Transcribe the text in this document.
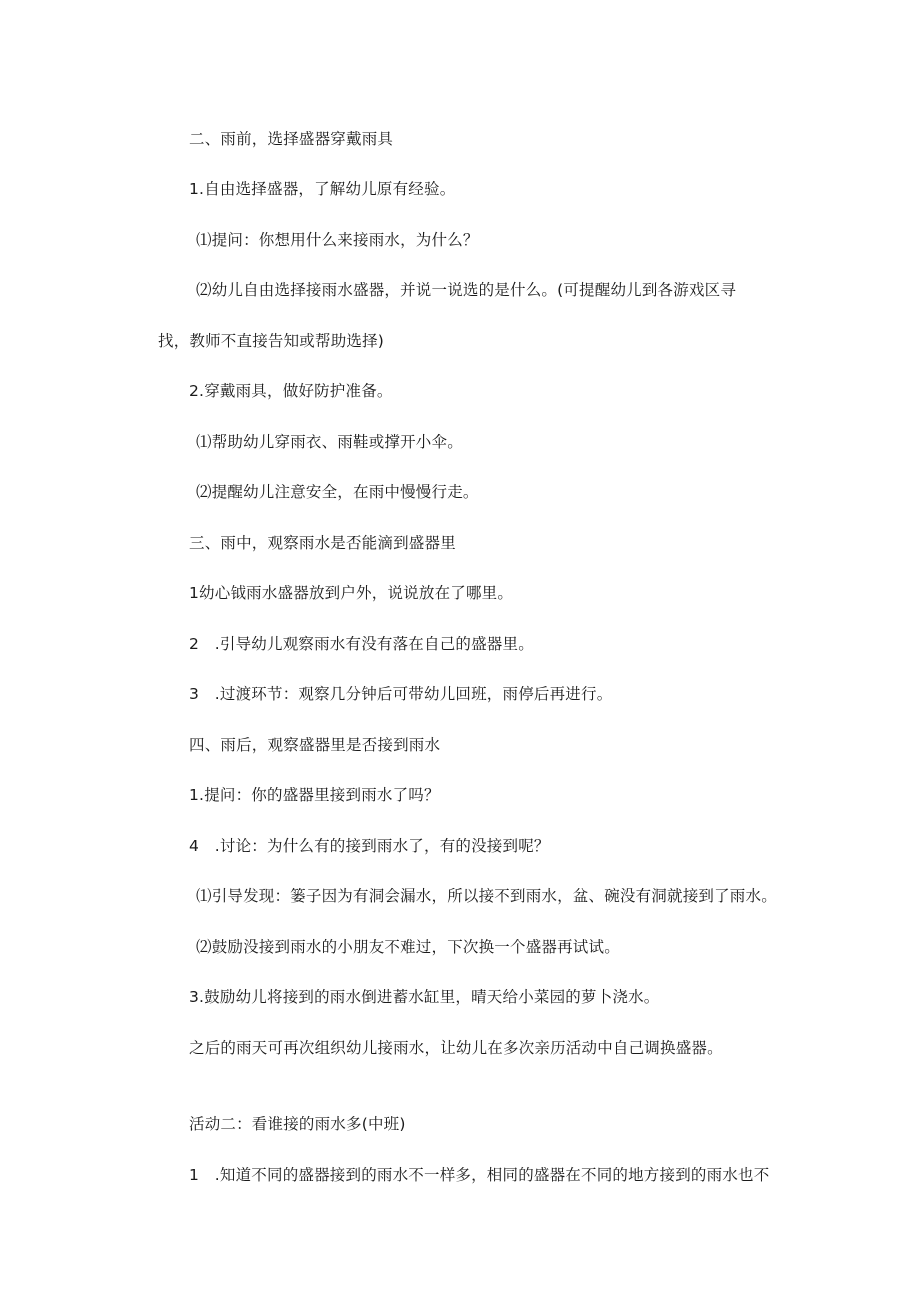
二、雨前，选择盛器穿戴雨具
1.自由选择盛器，了解幼儿原有经验。
⑴提问：你想用什么来接雨水，为什么？
⑵幼儿自由选择接雨水盛器，并说一说选的是什么。(可提醒幼儿到各游戏区寻
找，教师不直接告知或帮助选择)
2.穿戴雨具，做好防护准备。
⑴帮助幼儿穿雨衣、雨鞋或撑开小伞。
⑵提醒幼儿注意安全，在雨中慢慢行走。
三、雨中，观察雨水是否能滴到盛器里
1幼心钺雨水盛器放到户外，说说放在了哪里。
2　.引导幼儿观察雨水有没有落在自己的盛器里。
3　.过渡环节：观察几分钟后可带幼儿回班，雨停后再进行。
四、雨后，观察盛器里是否接到雨水
1.提问：你的盛器里接到雨水了吗？
4　.讨论：为什么有的接到雨水了，有的没接到呢？
⑴引导发现：篓子因为有洞会漏水，所以接不到雨水，盆、碗没有洞就接到了雨水。
⑵鼓励没接到雨水的小朋友不难过，下次换一个盛器再试试。
3.鼓励幼儿将接到的雨水倒进蓄水缸里，晴天给小菜园的萝卜浇水。
之后的雨天可再次组织幼儿接雨水，让幼儿在多次亲历活动中自己调换盛器。
活动二：看谁接的雨水多(中班)
1　.知道不同的盛器接到的雨水不一样多，相同的盛器在不同的地方接到的雨水也不
